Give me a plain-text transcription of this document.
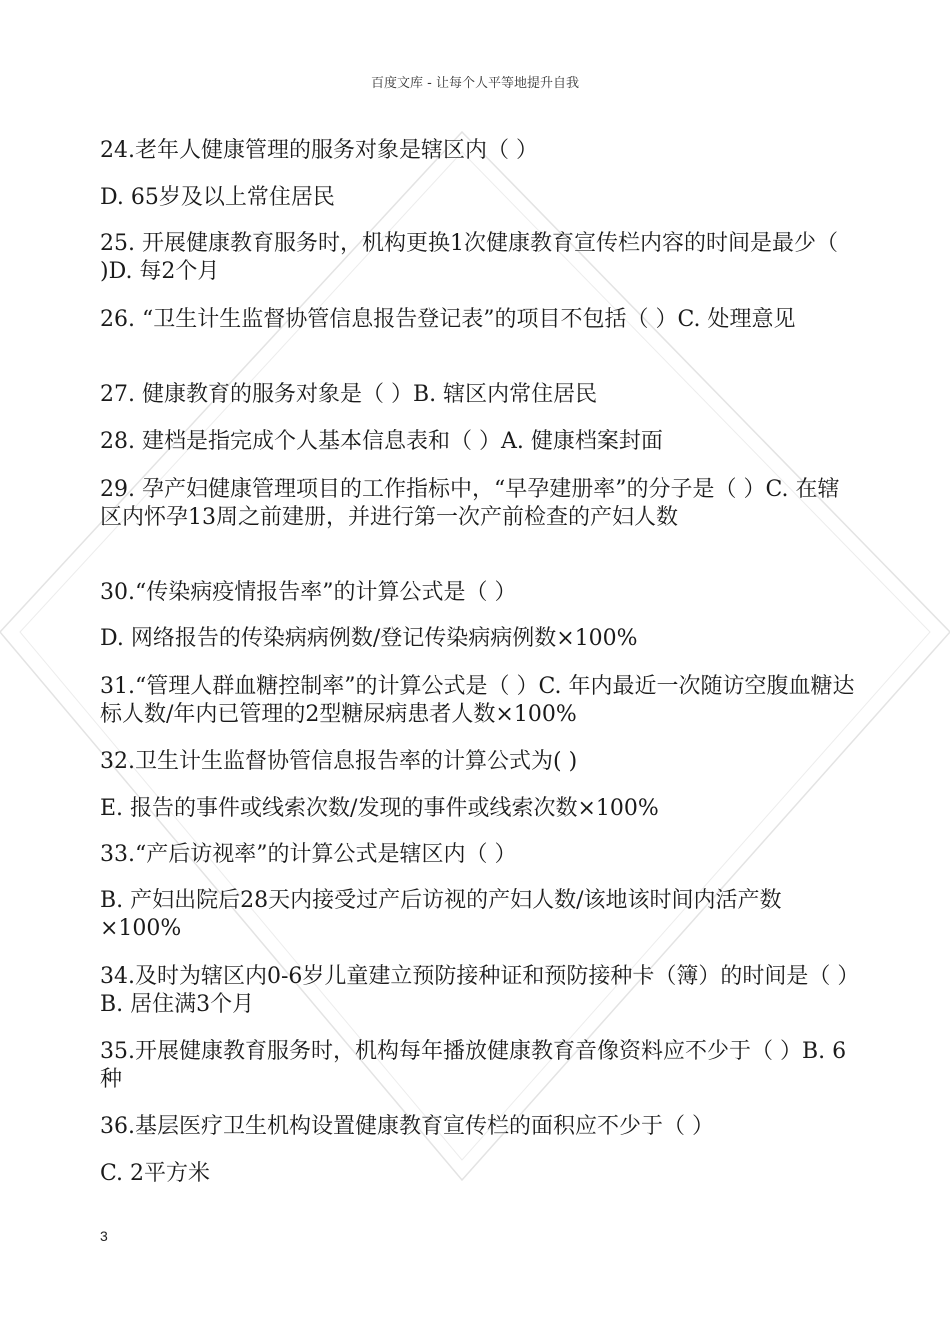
百度文库 - 让每个人平等地提升自我

24.老年人健康管理的服务对象是辖区内（ ）

D. 65岁及以上常住居民

25. 开展健康教育服务时，机构更换1次健康教育宣传栏内容的时间是最少（ )D. 每2个月

26. “卫生计生监督协管信息报告登记表”的项目不包括（ ）C. 处理意见

27. 健康教育的服务对象是（ ）B. 辖区内常住居民

28. 建档是指完成个人基本信息表和（ ）A. 健康档案封面

29. 孕产妇健康管理项目的工作指标中，“早孕建册率”的分子是（ ）C. 在辖区内怀孕13周之前建册，并进行第一次产前检查的产妇人数

30.“传染病疫情报告率”的计算公式是（ ）

D. 网络报告的传染病病例数/登记传染病病例数×100%

31.“管理人群血糖控制率”的计算公式是（ ）C. 年内最近一次随访空腹血糖达标人数/年内已管理的2型糖尿病患者人数×100%

32.卫生计生监督协管信息报告率的计算公式为( )

E. 报告的事件或线索次数/发现的事件或线索次数×100%

33.“产后访视率”的计算公式是辖区内（ ）

B. 产妇出院后28天内接受过产后访视的产妇人数/该地该时间内活产数×100%

34.及时为辖区内0-6岁儿童建立预防接种证和预防接种卡（簿）的时间是（ ）B. 居住满3个月

35.开展健康教育服务时，机构每年播放健康教育音像资料应不少于（ ）B. 6种

36.基层医疗卫生机构设置健康教育宣传栏的面积应不少于（ ）

C. 2平方米

3
